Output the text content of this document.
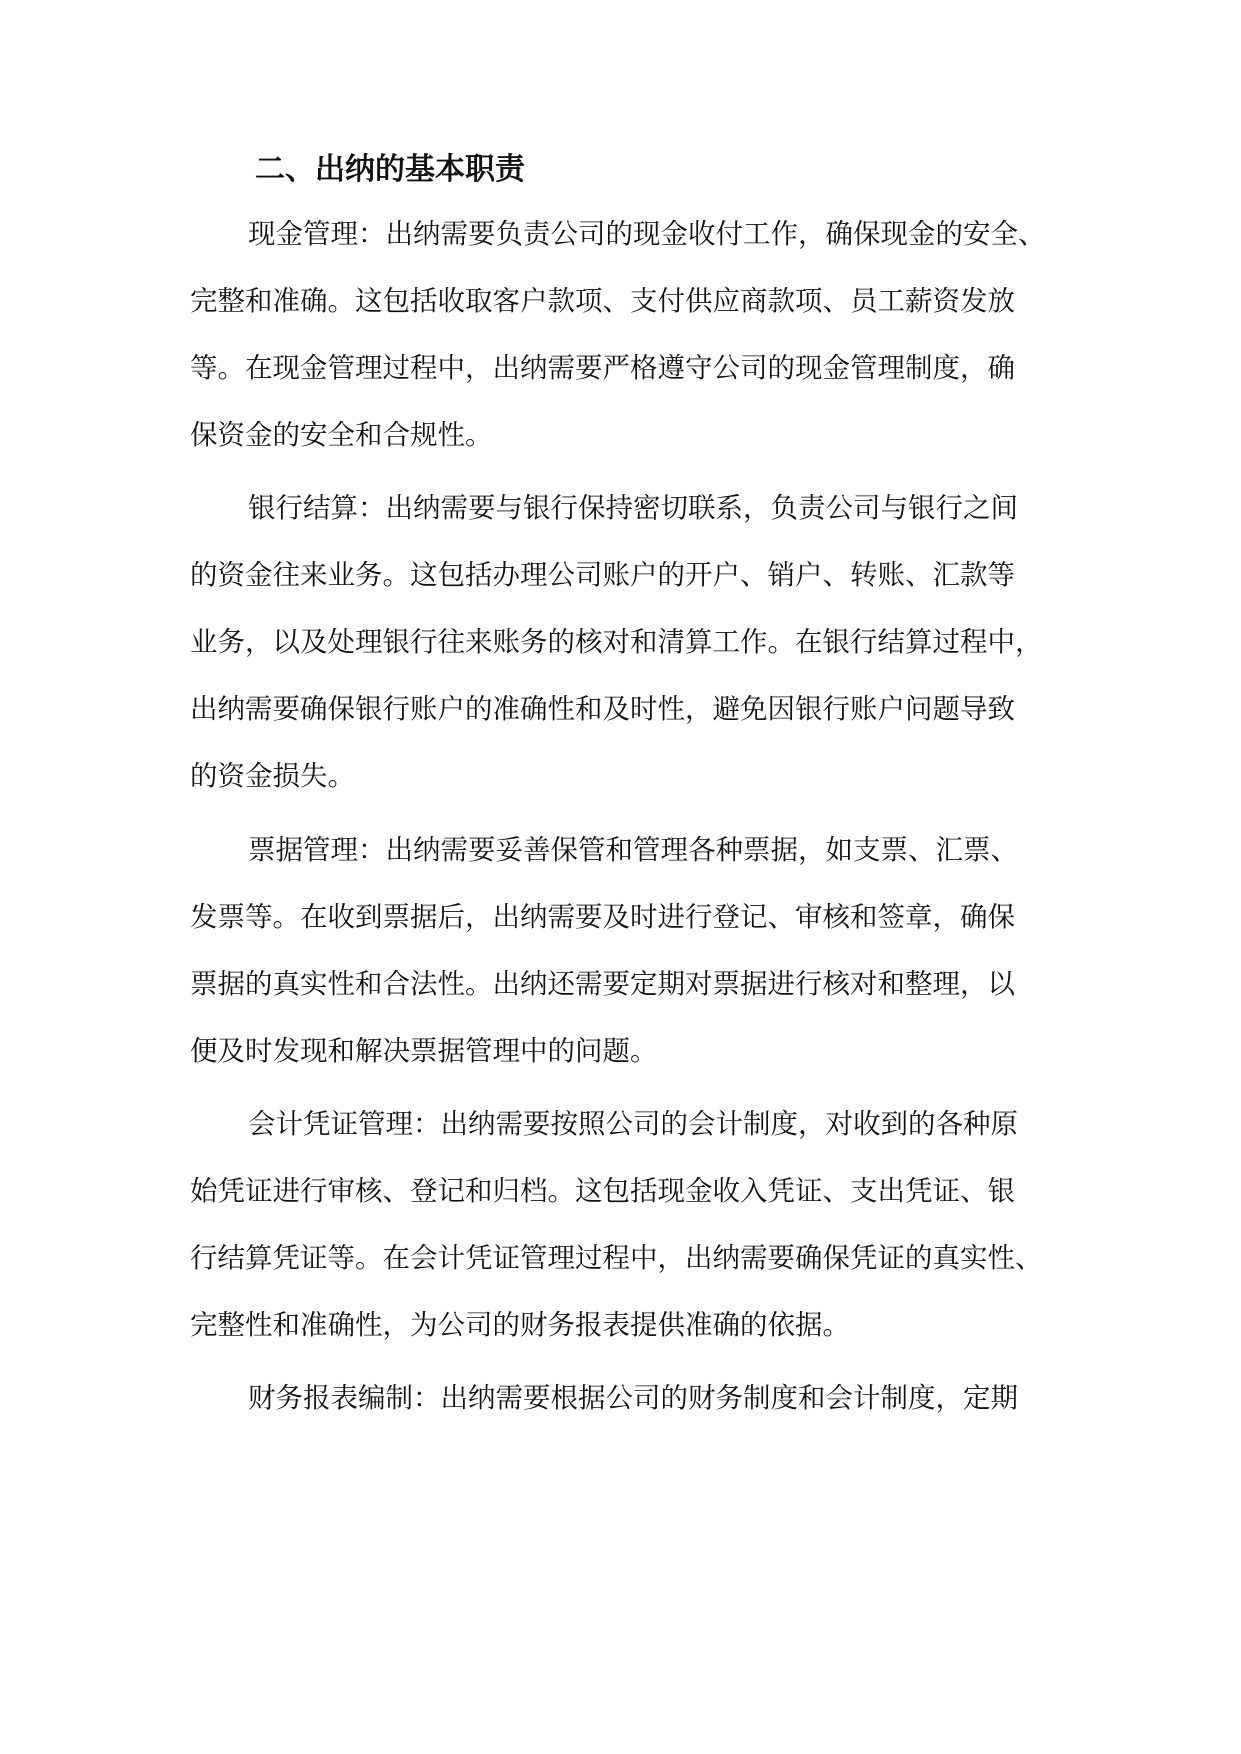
二、出纳的基本职责

现金管理：出纳需要负责公司的现金收付工作，确保现金的安全、

完整和准确。这包括收取客户款项、支付供应商款项、员工薪资发放

等。在现金管理过程中，出纳需要严格遵守公司的现金管理制度，确

保资金的安全和合规性。

银行结算：出纳需要与银行保持密切联系，负责公司与银行之间

的资金往来业务。这包括办理公司账户的开户、销户、转账、汇款等

业务，以及处理银行往来账务的核对和清算工作。在银行结算过程中，

出纳需要确保银行账户的准确性和及时性，避免因银行账户问题导致

的资金损失。

票据管理：出纳需要妥善保管和管理各种票据，如支票、汇票、

发票等。在收到票据后，出纳需要及时进行登记、审核和签章，确保

票据的真实性和合法性。出纳还需要定期对票据进行核对和整理，以

便及时发现和解决票据管理中的问题。

会计凭证管理：出纳需要按照公司的会计制度，对收到的各种原

始凭证进行审核、登记和归档。这包括现金收入凭证、支出凭证、银

行结算凭证等。在会计凭证管理过程中，出纳需要确保凭证的真实性、

完整性和准确性，为公司的财务报表提供准确的依据。

财务报表编制：出纳需要根据公司的财务制度和会计制度，定期
